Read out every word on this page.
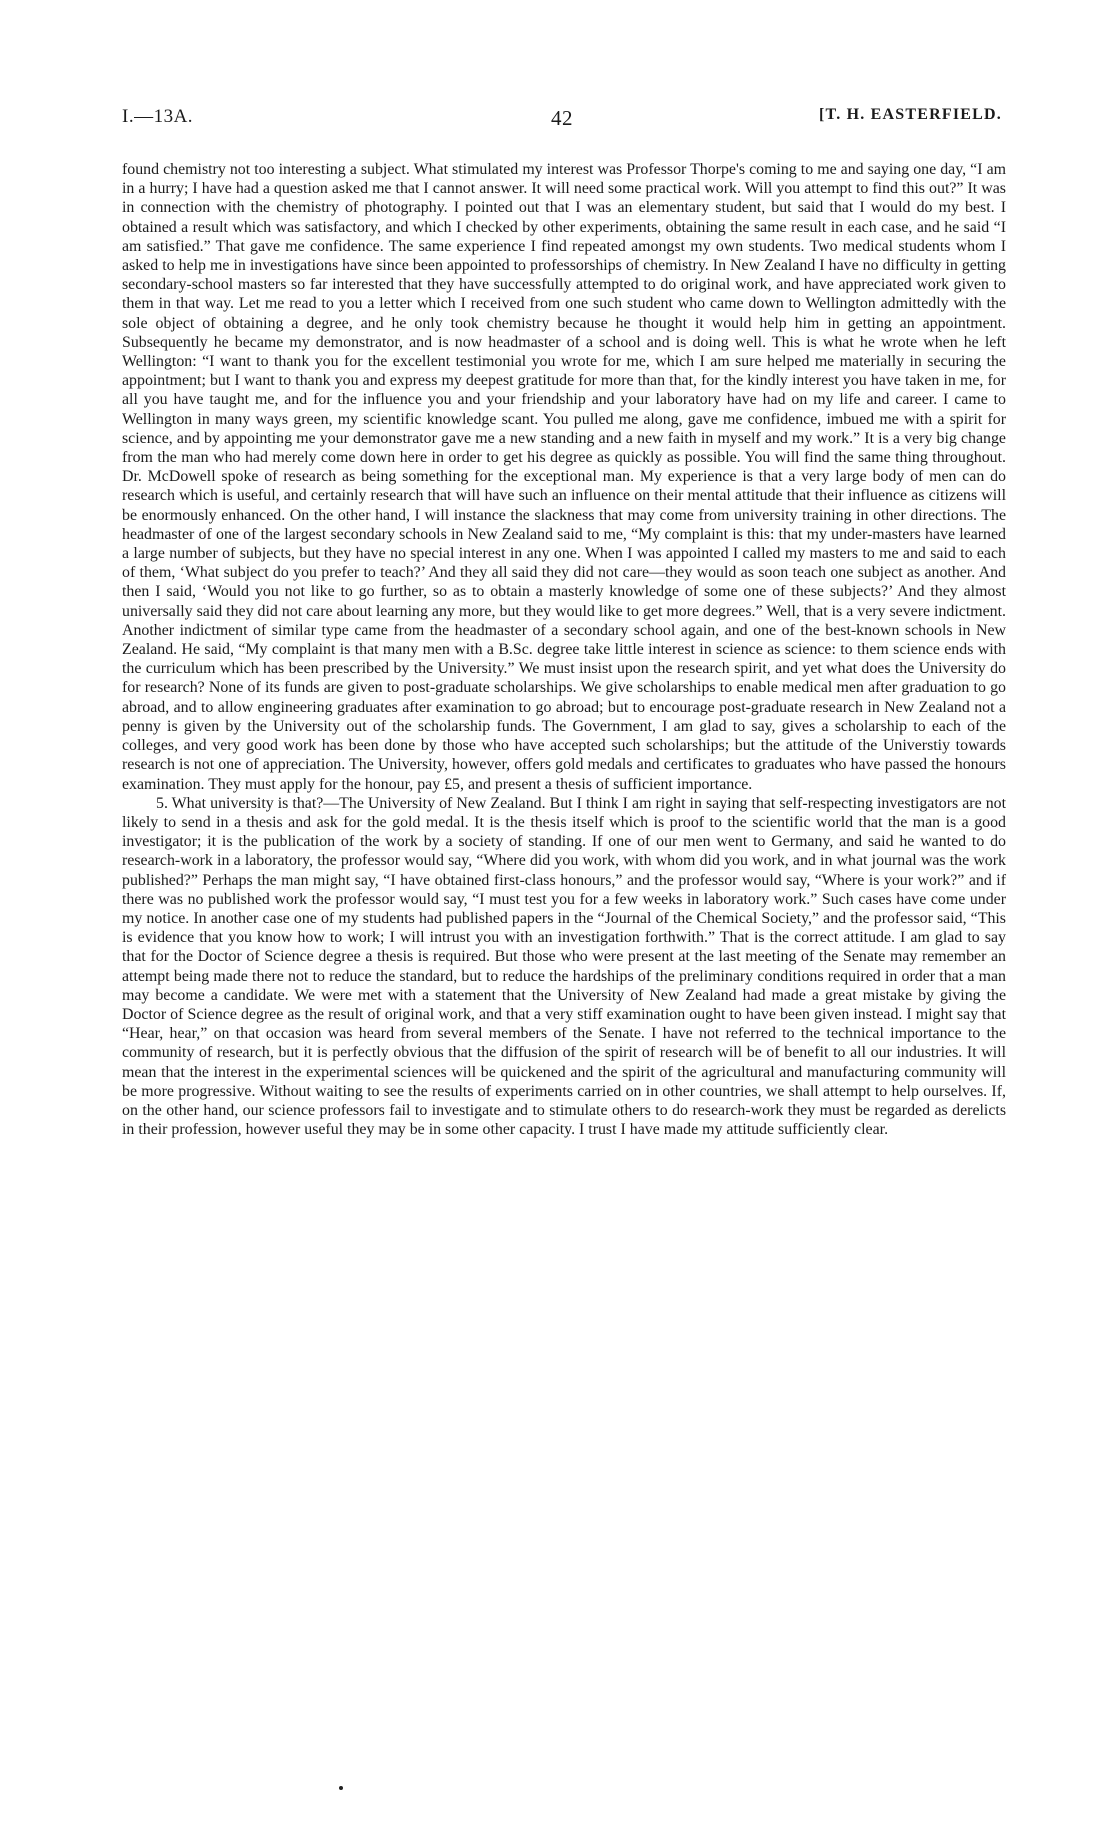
I.—13A.	42	[T. H. EASTERFIELD.

found chemistry not too interesting a subject. What stimulated my interest was Professor Thorpe's coming to me and saying one day, “I am in a hurry; I have had a question asked me that I cannot answer. It will need some practical work. Will you attempt to find this out?” It was in connection with the chemistry of photography. I pointed out that I was an elementary student, but said that I would do my best. I obtained a result which was satisfactory, and which I checked by other experiments, obtaining the same result in each case, and he said “I am satisfied.” That gave me confidence. The same experience I find repeated amongst my own students. Two medical students whom I asked to help me in investigations have since been appointed to professorships of chemistry. In New Zealand I have no difficulty in getting secondary-school masters so far interested that they have successfully attempted to do original work, and have appreciated work given to them in that way. Let me read to you a letter which I received from one such student who came down to Wellington admittedly with the sole object of obtaining a degree, and he only took chemistry because he thought it would help him in getting an appointment. Subsequently he became my demonstrator, and is now headmaster of a school and is doing well. This is what he wrote when he left Wellington: “I want to thank you for the excellent testimonial you wrote for me, which I am sure helped me materially in securing the appointment; but I want to thank you and express my deepest gratitude for more than that, for the kindly interest you have taken in me, for all you have taught me, and for the influence you and your friendship and your laboratory have had on my life and career. I came to Wellington in many ways green, my scientific knowledge scant. You pulled me along, gave me confidence, imbued me with a spirit for science, and by appointing me your demonstrator gave me a new standing and a new faith in myself and my work.” It is a very big change from the man who had merely come down here in order to get his degree as quickly as possible. You will find the same thing throughout. Dr. McDowell spoke of research as being something for the exceptional man. My experience is that a very large body of men can do research which is useful, and certainly research that will have such an influence on their mental attitude that their influence as citizens will be enormously enhanced. On the other hand, I will instance the slackness that may come from university training in other directions. The headmaster of one of the largest secondary schools in New Zealand said to me, “My complaint is this: that my under-masters have learned a large number of subjects, but they have no special interest in any one. When I was appointed I called my masters to me and said to each of them, ‘What subject do you prefer to teach?’ And they all said they did not care—they would as soon teach one subject as another. And then I said, ‘Would you not like to go further, so as to obtain a masterly knowledge of some one of these subjects?’ And they almost universally said they did not care about learning any more, but they would like to get more degrees.” Well, that is a very severe indictment. Another indictment of similar type came from the headmaster of a secondary school again, and one of the best-known schools in New Zealand. He said, “My complaint is that many men with a B.Sc. degree take little interest in science as science: to them science ends with the curriculum which has been prescribed by the University.” We must insist upon the research spirit, and yet what does the University do for research? None of its funds are given to post-graduate scholarships. We give scholarships to enable medical men after graduation to go abroad, and to allow engineering graduates after examination to go abroad; but to encourage post-graduate research in New Zealand not a penny is given by the University out of the scholarship funds. The Government, I am glad to say, gives a scholarship to each of the colleges, and very good work has been done by those who have accepted such scholarships; but the attitude of the Universtiy towards research is not one of appreciation. The University, however, offers gold medals and certificates to graduates who have passed the honours examination. They must apply for the honour, pay £5, and present a thesis of sufficient importance.

5. What university is that?—The University of New Zealand. But I think I am right in saying that self-respecting investigators are not likely to send in a thesis and ask for the gold medal. It is the thesis itself which is proof to the scientific world that the man is a good investigator; it is the publication of the work by a society of standing. If one of our men went to Germany, and said he wanted to do research-work in a laboratory, the professor would say, “Where did you work, with whom did you work, and in what journal was the work published?” Perhaps the man might say, “I have obtained first-class honours,” and the professor would say, “Where is your work?” and if there was no published work the professor would say, “I must test you for a few weeks in laboratory work.” Such cases have come under my notice. In another case one of my students had published papers in the “Journal of the Chemical Society,” and the professor said, “This is evidence that you know how to work; I will intrust you with an investigation forthwith.” That is the correct attitude. I am glad to say that for the Doctor of Science degree a thesis is required. But those who were present at the last meeting of the Senate may remember an attempt being made there not to reduce the standard, but to reduce the hardships of the preliminary conditions required in order that a man may become a candidate. We were met with a statement that the University of New Zealand had made a great mistake by giving the Doctor of Science degree as the result of original work, and that a very stiff examination ought to have been given instead. I might say that “Hear, hear,” on that occasion was heard from several members of the Senate. I have not referred to the technical importance to the community of research, but it is perfectly obvious that the diffusion of the spirit of research will be of benefit to all our industries. It will mean that the interest in the experimental sciences will be quickened and the spirit of the agricultural and manufacturing community will be more progressive. Without waiting to see the results of experiments carried on in other countries, we shall attempt to help ourselves. If, on the other hand, our science professors fail to investigate and to stimulate others to do research-work they must be regarded as derelicts in their profession, however useful they may be in some other capacity. I trust I have made my attitude sufficiently clear.
